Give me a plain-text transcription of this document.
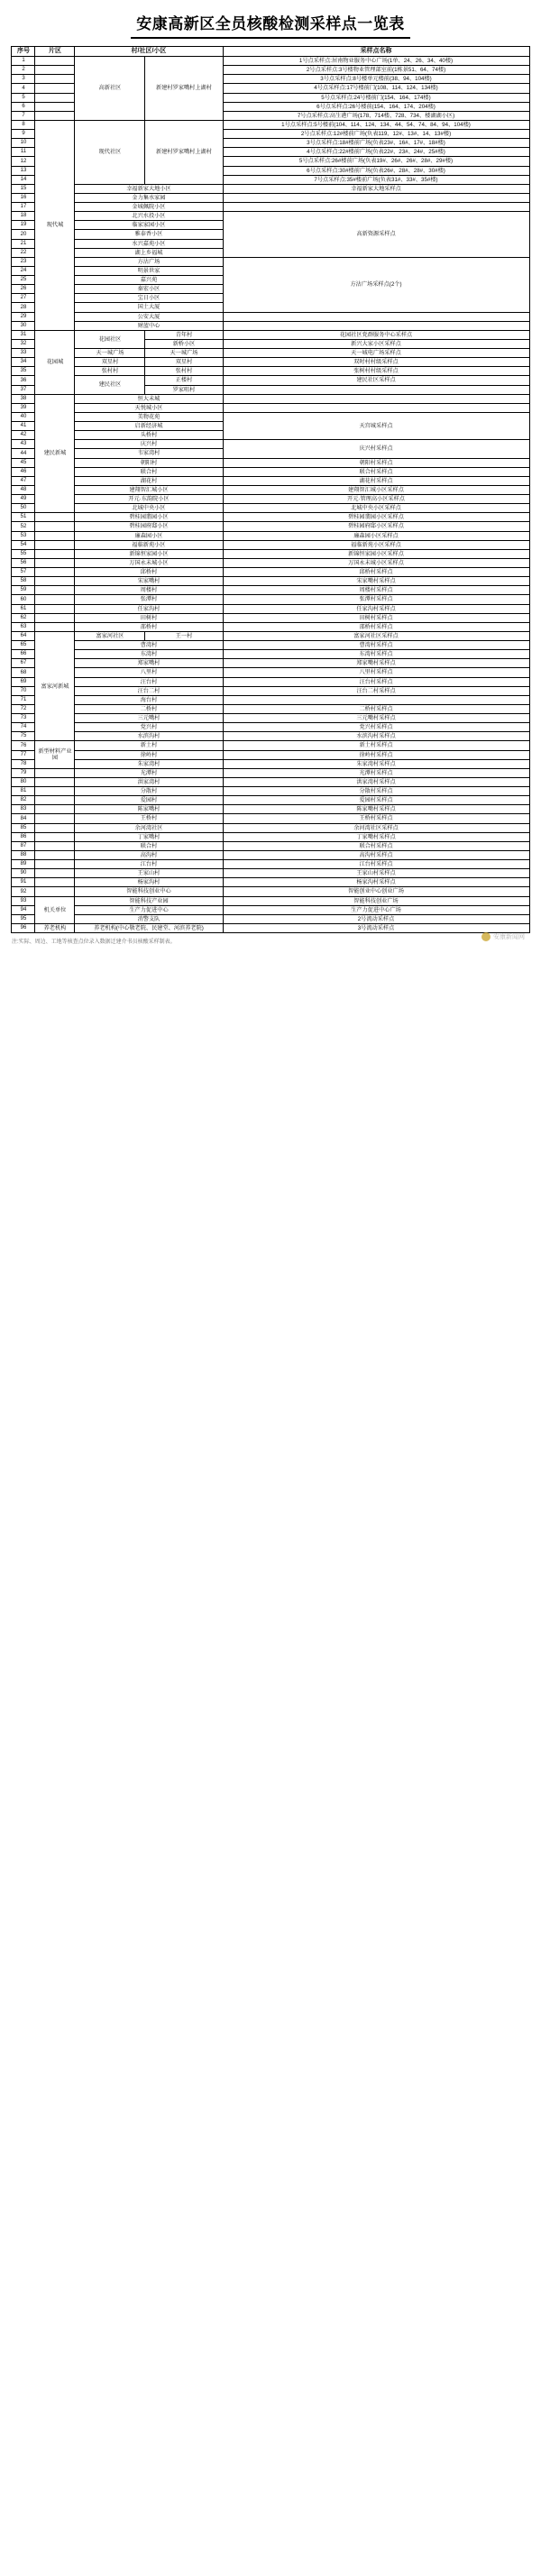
安康高新区全员核酸检测采样点一览表
序号	片区	村/社区/小区		采样点名称
1		高新社区	新建村罗家嘴村上湖村	1号点采样点:居南物业服务中心广场(1单、24、26、34、40楼)
2				2号点采样点:3号楼物业管理部室前(1栋景51、64、74楼)
3				3号点采样点:8号楼单元楼前(38、94、104楼)
4				4号点采样点:17号楼前门(108、114、124、134楼)
5				5号点采样点:24号楼前门(154、164、174楼)
6				6号点采样点:26号楼前(154、164、174、204楼)
7				7号点采样点:高生港广场(178、714楼、728、734、楼湖湖小区)
8	现代城	现代社区	新建村罗家嘴村上湖村	1号点采样点:5号楼前(104、114、124、134、44、54、74、84、94、104楼)
9				2号点采样点:12#楼前广场(负表119、12#、13#、14、13#楼)
10				3号点采样点:18#楼前广场(负表23#、16#、17#、18#楼)
11				4号点采样点:22#楼前广场(负表22#、23#、24#、25#楼)
12				5号点采样点:26#楼前广场(负表19#、26#、26#、28#、29#楼)
13				6号点采样点:30#楼前广场(负表26#、28#、28#、30#楼)
14				7号点采样点:35#楼前广场(负表31#、33#、35#楼)
15		幸福新家大地小区		幸福新家大地采样点
16		金力集水家园		
17		金城佩院小区		
18		北兴水投小区		高新资源采样点
19		临家家园小区		
20		雅泰香小区		
21		水兴嘉苑小区		
22		湖上乡福城		
23		方沾广场		方沾广场采样点(2个)
24		明景世家		
25		嘉兴苑		
26		秦宏小区		
27		宝日小区		
28		国土大厦		
29		公安大厦		
30		财蓝中心		
31	花园城	花园社区	青年村	花园社区党群服务中心采样点
32			新桥小区	新兴大家小区采样点
33		天一城广场	天一城广场	天一城电广场采样点
34		双星村	双星村	双时村村级采样点
35		张村村	张村村	张树村村级采样点
36		建民社区	正楼村	建民社区采样点
37			罗家咀村	
38	建民新城	恒大未城		
39		天悦城小区		
40		美物花苑		天宫城采样点
41		启新经济城		
42		头桥村		
43		庆兴村		庆兴村采样点
44		韦家湾村		
45		朝阳村		朝阳村采样点
46		联合村		联合村采样点
47		湖花村		湖花村采样点
48		建翔智汇城小区		建翔智汇城小区采样点
49		开元·东韵院小区		开元·管理高小区采样点
50		北城中央小区		北城中央小区采样点
51		碧桂园翡园小区		碧桂园翡园小区采样点
52		碧桂园府邸小区		碧桂园府邸小区采样点
53		廉森园小区		廉森园小区采样点
54		福临新苑小区		福临新苑小区采样点
55		新锦恒家园小区		新锦恒家园小区采样点
56		万国永未城小区		万国永未城小区采样点
57		邱桥村		邱桥村采样点
58		宋家嘴村		宋家嘴村采样点
59		周楼村		周楼村采样点
60		张潭村		张潭村采样点
61		任家沟村		任家沟村采样点
62		田树村		田树村采样点
63		邵桥村		邵桥村采样点
64	富家河新城	富家河社区	王一村	富家河社区采样点
65		曹湾村		曹湾村采样点
66		东湾村		东湾村采样点
67		郑家嘴村		郑家嘴村采样点
68		八里村		八里村采样点
69		汪台村		汪台村采样点
70		汪台二村		汪台二村采样点
71		海台村		
72		二桥村		二桥村采样点
73		三元嘴村		三元嘴村采样点
74		党兴村		党兴村采样点
75		水滨沟村		水滨沟村采样点
76	新型材料产业园	新土村		新土村采样点
77		徐岭村		徐岭村采样点
78		朱家湾村		朱家湾村采样点
79		光潭村		光潭村采样点
80		洪家湾村		洪家湾村采样点
81		分散村		分散村采样点
82		爱园村		爱园村采样点
83		陈家嘴村		陈家嘴村采样点
84		王桥村		王桥村采样点
85		余河湾社区		余河湾社区采样点
86		丁家嘴村		丁家嘴村采样点
87		联合村		联合村采样点
88		高沟村		高沟村采样点
89		江台村		江台村采样点
90		王家山村		王家山村采样点
91		杨家沟村		杨家沟村采样点
92		智能科技创业中心		智能创业中心创业广场
93	机关单位	智能科技产业园		智能科技创业广场
94		生产力促进中心		生产力促进中心广场
95		消警支队		2号流动采样点
96	养老机构	养老机构(中心敬老院、民建堂、河滨养老院)		3号流动采样点
注:实际、周边、工地等核查点位录入数据迁建介书员核酸采样制表。
安康新闻网
